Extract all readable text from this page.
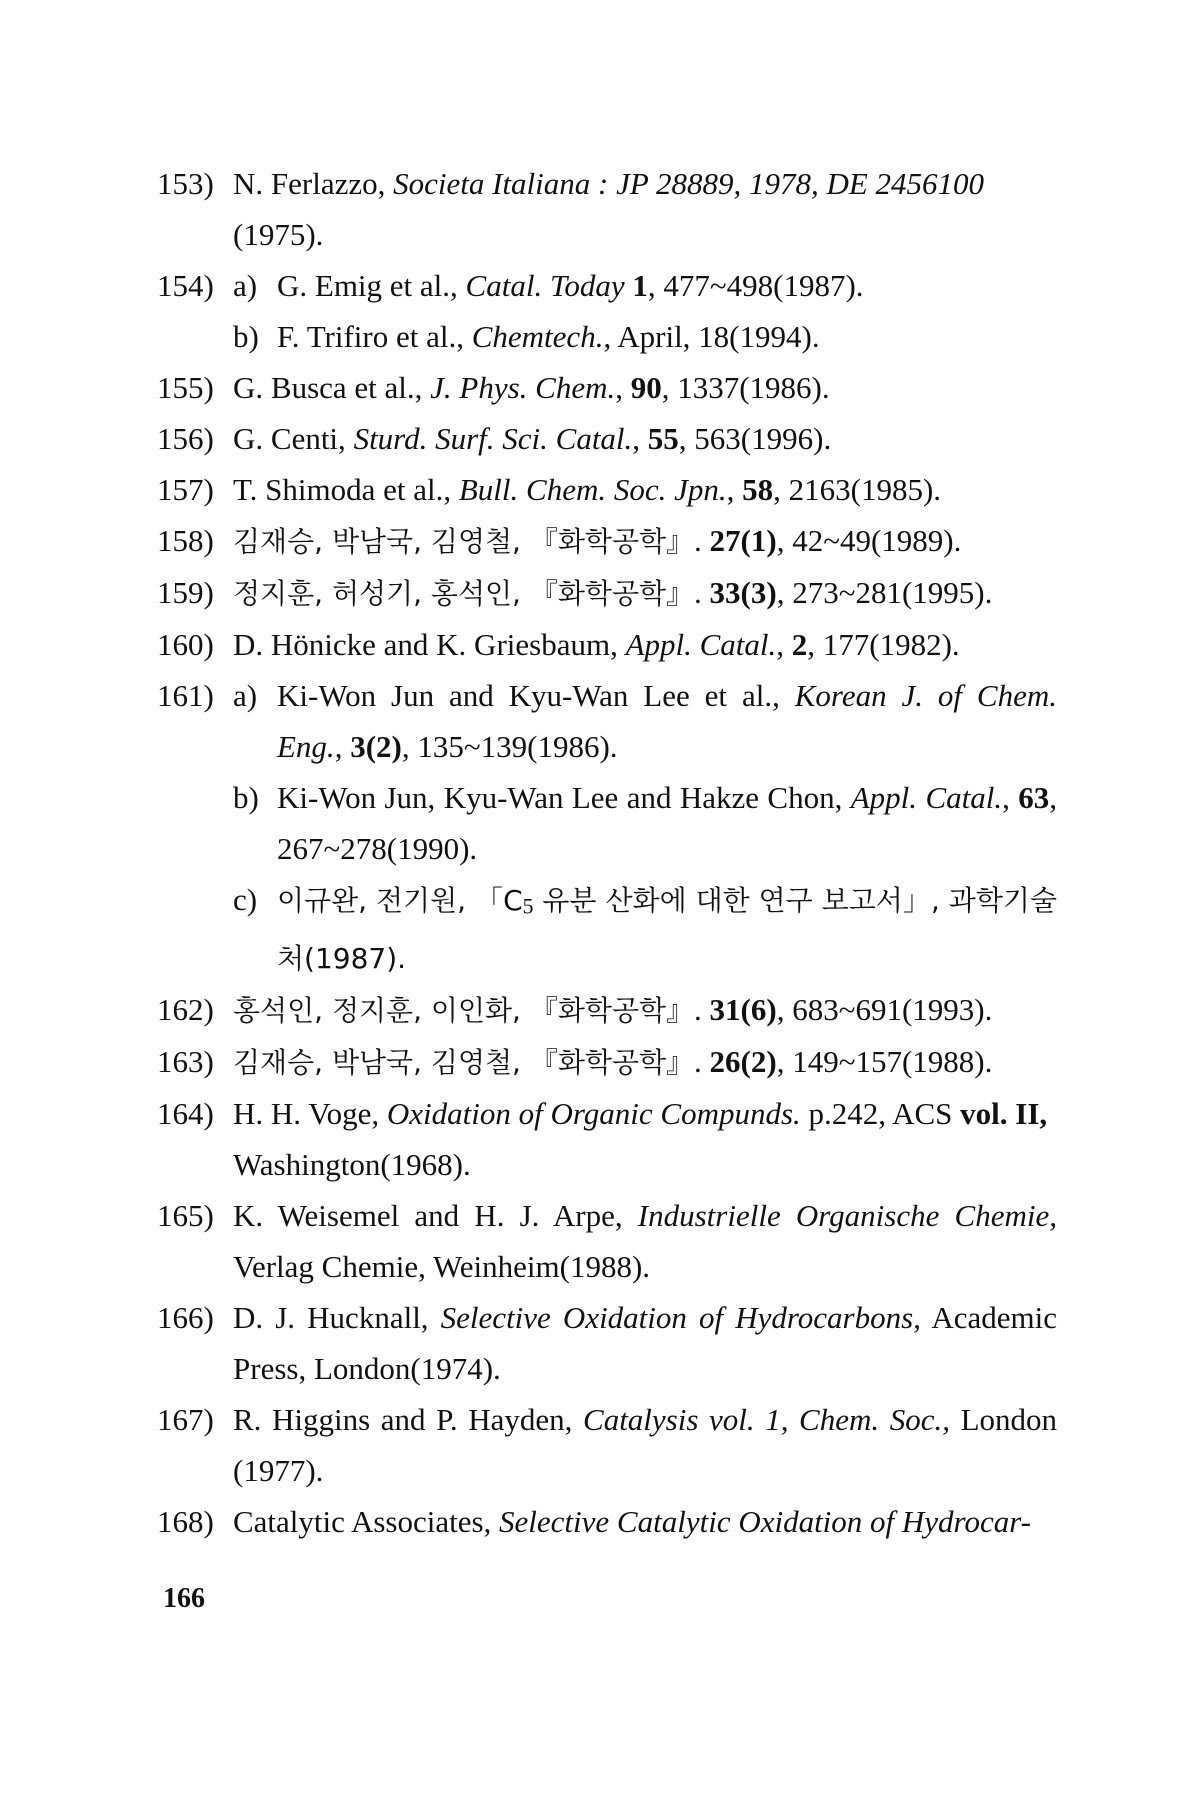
153) N. Ferlazzo, Societa Italiana : JP 28889, 1978, DE 2456100
(1975).
154) a) G. Emig et al., Catal. Today 1, 477~498(1987).
b) F. Trifiro et al., Chemtech., April, 18(1994).
155) G. Busca et al., J. Phys. Chem., 90, 1337(1986).
156) G. Centi, Sturd. Surf. Sci. Catal., 55, 563(1996).
157) T. Shimoda et al., Bull. Chem. Soc. Jpn., 58, 2163(1985).
158) 김재승, 박남국, 김영철, 『화학공학』. 27(1), 42~49(1989).
159) 정지훈, 허성기, 홍석인, 『화학공학』. 33(3), 273~281(1995).
160) D. Hönicke and K. Griesbaum, Appl. Catal., 2, 177(1982).
161) a) Ki-Won Jun and Kyu-Wan Lee et al., Korean J. of Chem. Eng., 3(2), 135~139(1986).
b) Ki-Won Jun, Kyu-Wan Lee and Hakze Chon, Appl. Catal., 63, 267~278(1990).
c) 이규완, 전기원, 「$C_5$ 유분 산화에 대한 연구 보고서」, 과학기술처(1987).
162) 홍석인, 정지훈, 이인화, 『화학공학』. 31(6), 683~691(1993).
163) 김재승, 박남국, 김영철, 『화학공학』. 26(2), 149~157(1988).
164) H. H. Voge, Oxidation of Organic Compunds. p.242, ACS vol. II, Washington(1968).
165) K. Weisemel and H. J. Arpe, Industrielle Organische Chemie, Verlag Chemie, Weinheim(1988).
166) D. J. Hucknall, Selective Oxidation of Hydrocarbons, Academic Press, London(1974).
167) R. Higgins and P. Hayden, Catalysis vol. 1, Chem. Soc., London (1977).
168) Catalytic Associates, Selective Catalytic Oxidation of Hydrocar-
166
